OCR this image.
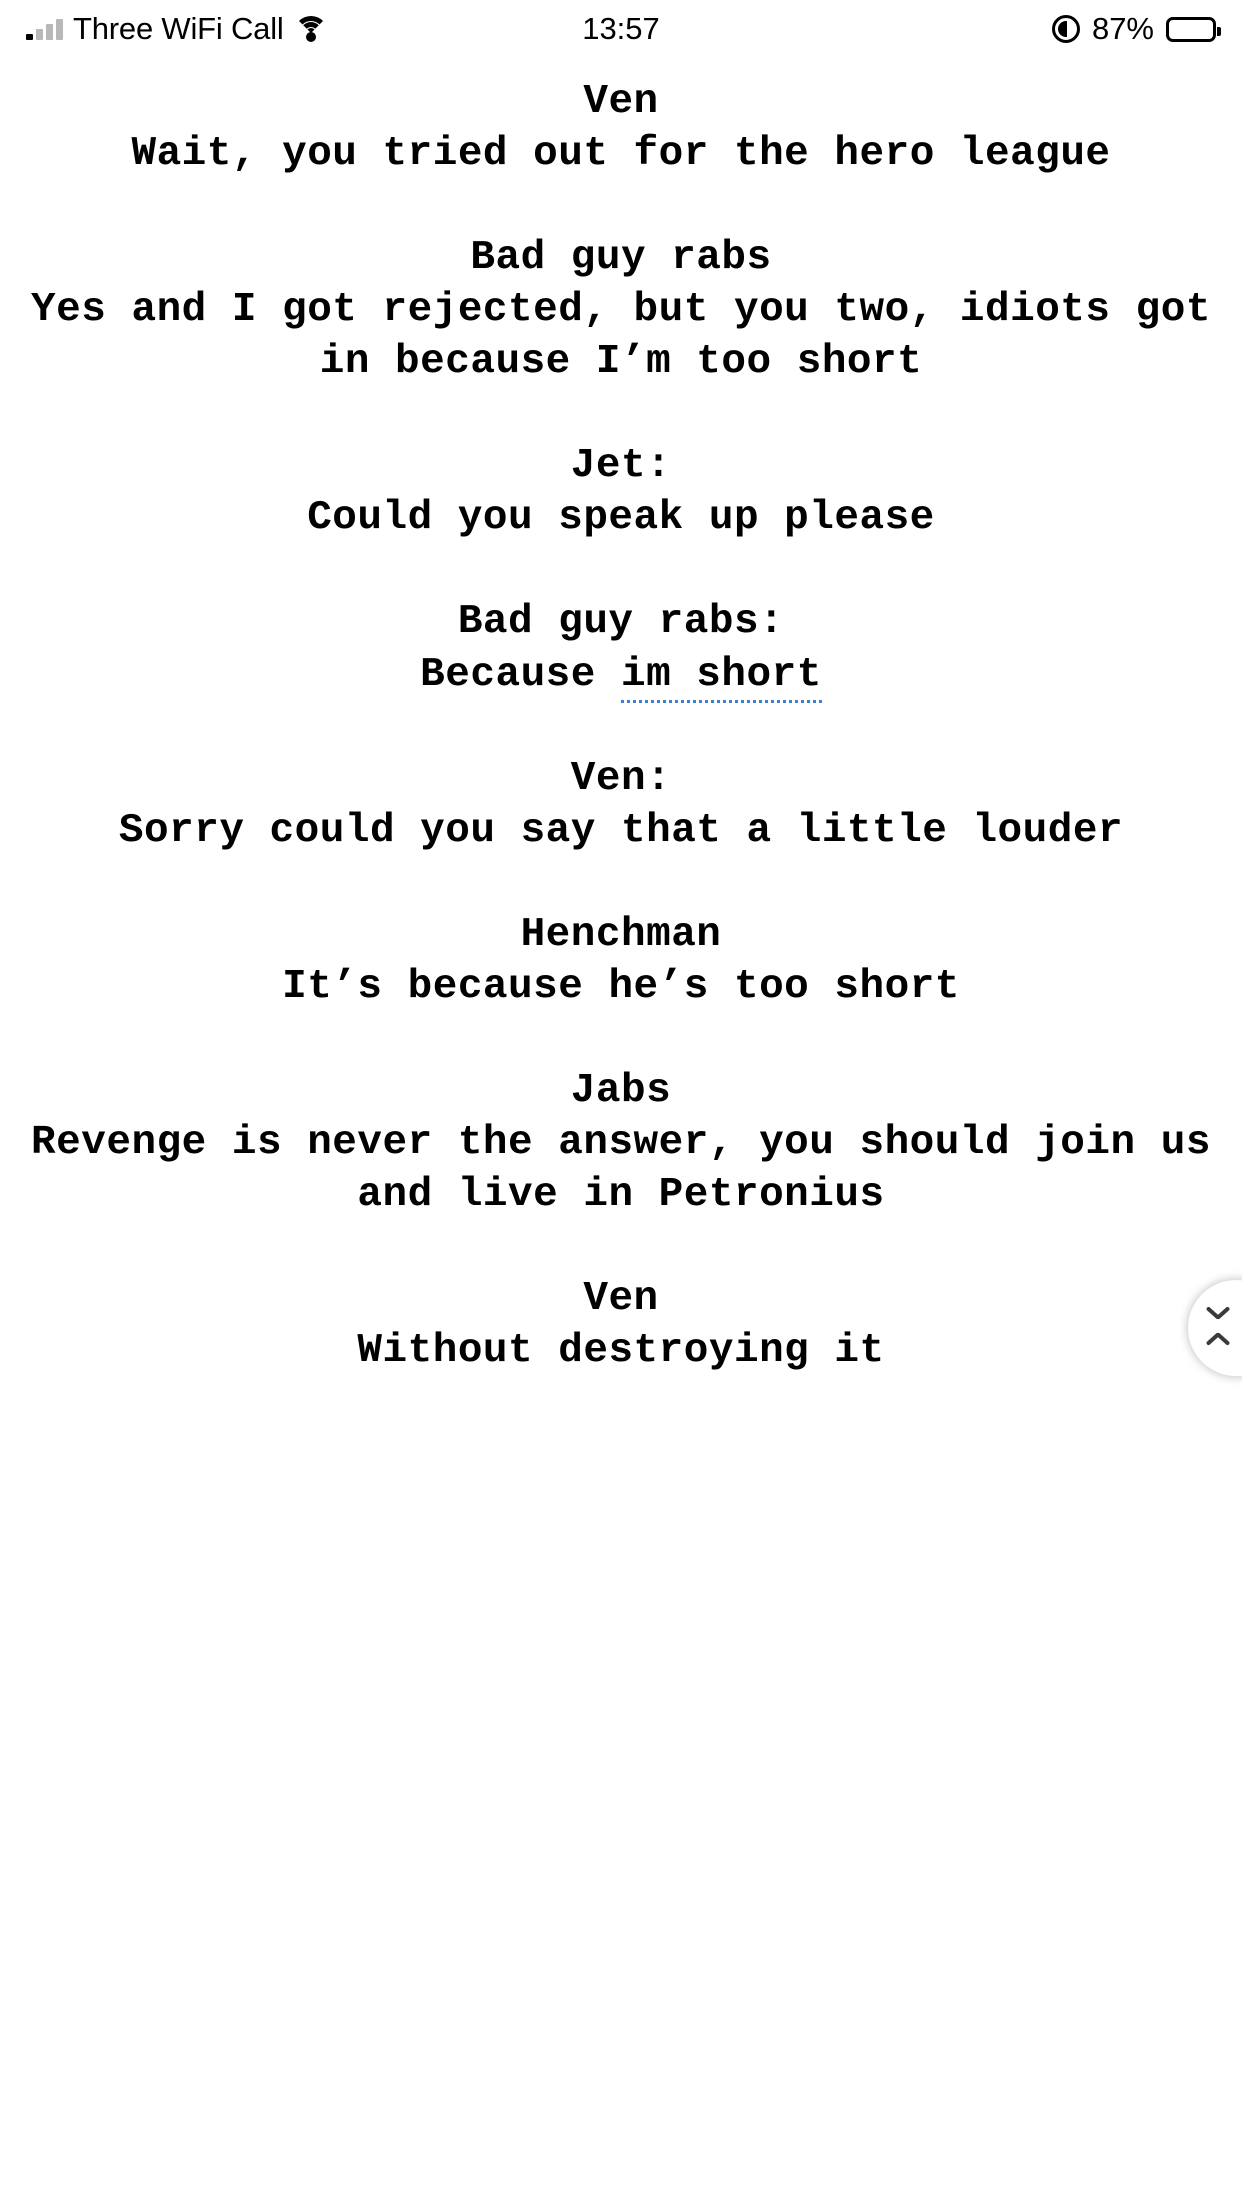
Three WiFi Call	13:57	87%
Ven
Wait, you tried out for the hero league
Bad guy rabs
Yes and I got rejected, but you two, idiots got in because I’m too short
Jet:
Could you speak up please
Bad guy rabs:
Because im short
Ven:
Sorry could you say that a little louder
Henchman
It’s because he’s too short
Jabs
Revenge is never the answer, you should join us and live in Petronius
Ven
Without destroying it
